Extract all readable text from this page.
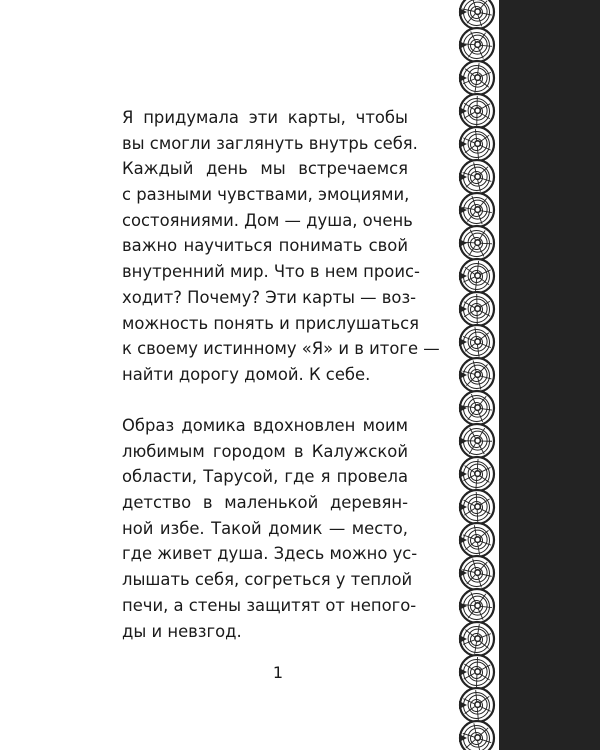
Я придумала эти карты, чтобы
вы смогли заглянуть внутрь себя.
Каждый день мы встречаемся
с разными чувствами, эмоциями,
состояниями. Дом — душа, очень
важно научиться понимать свой
внутренний мир. Что в нем проис-
ходит? Почему? Эти карты — воз-
можность понять и прислушаться
к своему истинному «Я» и в итоге —
найти дорогу домой. К себе.
Образ домика вдохновлен моим
любимым городом в Калужской
области, Тарусой, где я провела
детство в маленькой деревян-
ной избе. Такой домик — место,
где живет душа. Здесь можно ус-
лышать себя, согреться у теплой
печи, а стены защитят от непого-
ды и невзгод.
1
